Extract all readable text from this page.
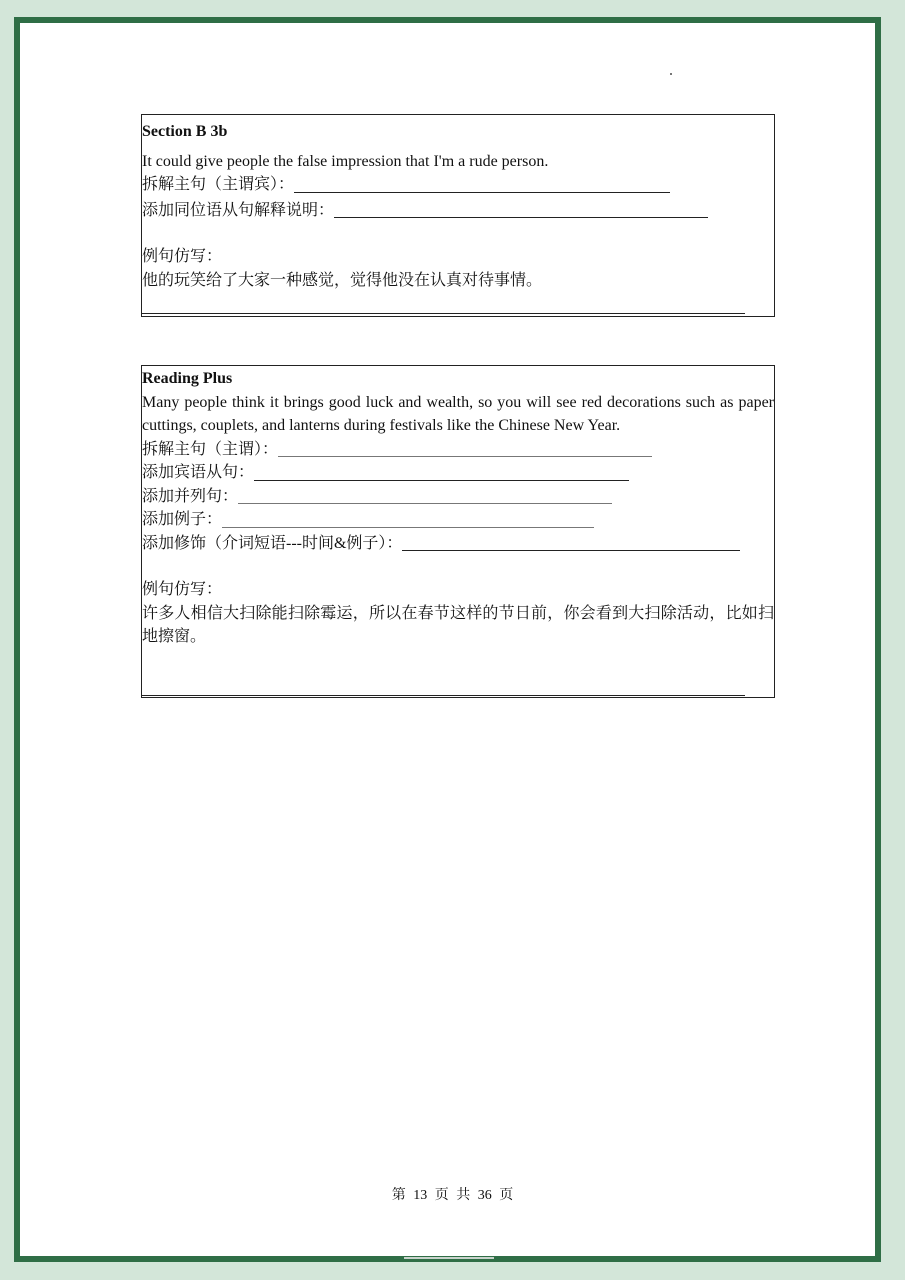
Section B 3b
It could give people the false impression that I'm a rude person.
拆解主句（主谓宾）：
添加同位语从句解释说明：
例句仿写：
他的玩笑给了大家一种感觉，觉得他没在认真对待事情。
Reading Plus
Many people think it brings good luck and wealth, so you will see red decorations such as paper cuttings, couplets, and lanterns during festivals like the Chinese New Year.
拆解主句（主谓）：
添加宾语从句：
添加并列句：
添加例子：
添加修饰（介词短语---时间&例子）：
例句仿写：
许多人相信大扫除能扫除霉运，所以在春节这样的节日前，你会看到大扫除活动，比如扫地擦窗。
第 13 页 共 36 页
